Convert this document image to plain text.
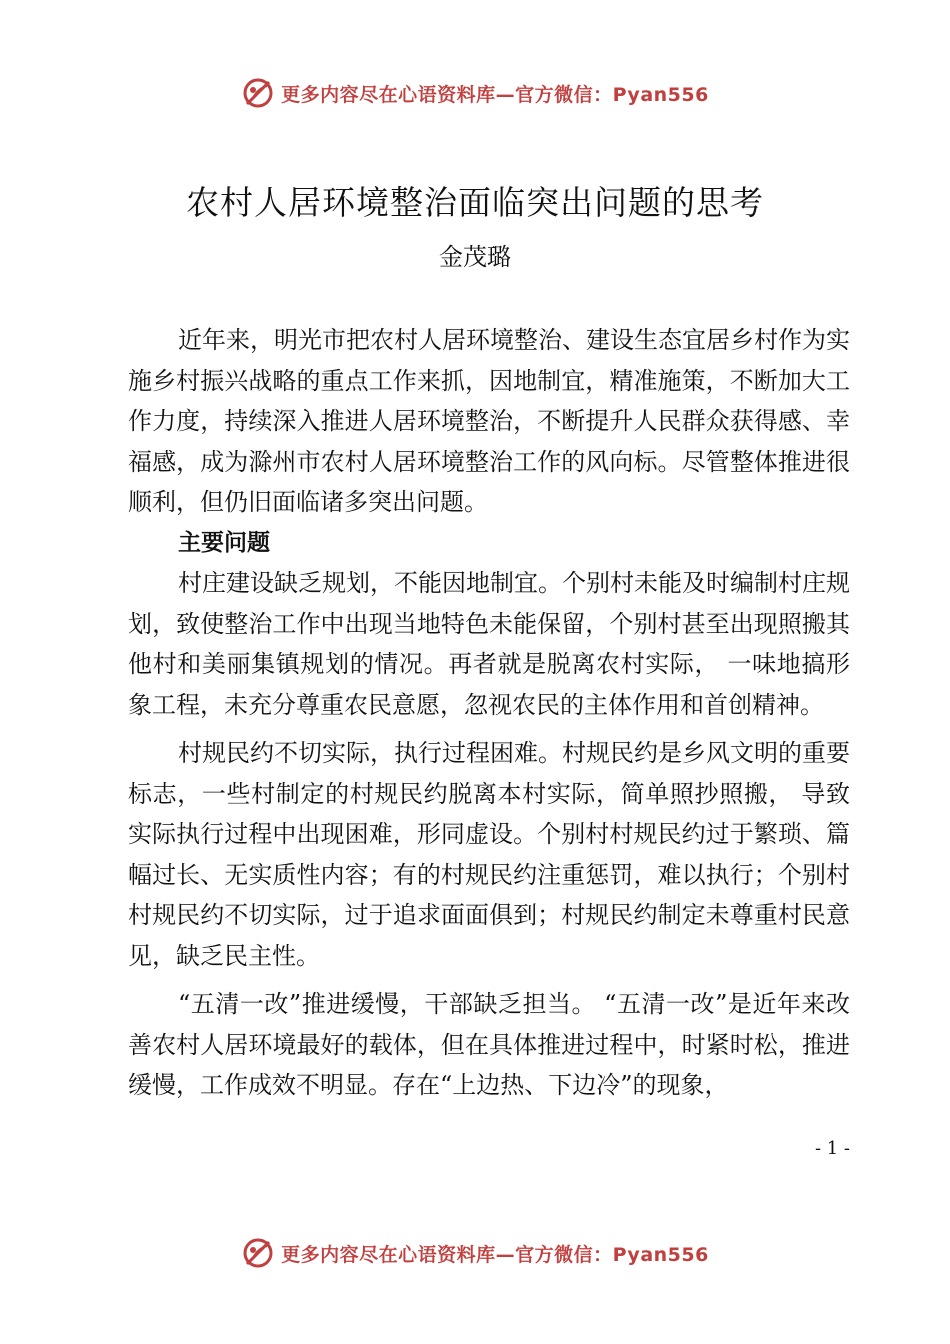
更多内容尽在心语资料库—官方微信：Pyan556
农村人居环境整治面临突出问题的思考
金茂璐

近年来，明光市把农村人居环境整治、建设生态宜居乡村作为实施乡村振兴战略的重点工作来抓，因地制宜，精准施策，不断加大工作力度，持续深入推进人居环境整治，不断提升人民群众获得感、幸福感，成为滁州市农村人居环境整治工作的风向标。尽管整体推进很顺利，但仍旧面临诸多突出问题。

主要问题

村庄建设缺乏规划，不能因地制宜。个别村未能及时编制村庄规划，致使整治工作中出现当地特色未能保留，个别村甚至出现照搬其他村和美丽集镇规划的情况。再者就是脱离农村实际， 一味地搞形象工程，未充分尊重农民意愿，忽视农民的主体作用和首创精神。

村规民约不切实际，执行过程困难。村规民约是乡风文明的重要标志，一些村制定的村规民约脱离本村实际，简单照抄照搬， 导致实际执行过程中出现困难，形同虚设。个别村村规民约过于繁琐、篇幅过长、无实质性内容；有的村规民约注重惩罚，难以执行；个别村村规民约不切实际，过于追求面面俱到；村规民约制定未尊重村民意见，缺乏民主性。

“五清一改”推进缓慢，干部缺乏担当。 “五清一改”是近年来改善农村人居环境最好的载体，但在具体推进过程中，时紧时松，推进缓慢，工作成效不明显。存在“上边热、下边冷”的现象，

- 1 -
更多内容尽在心语资料库—官方微信：Pyan556
